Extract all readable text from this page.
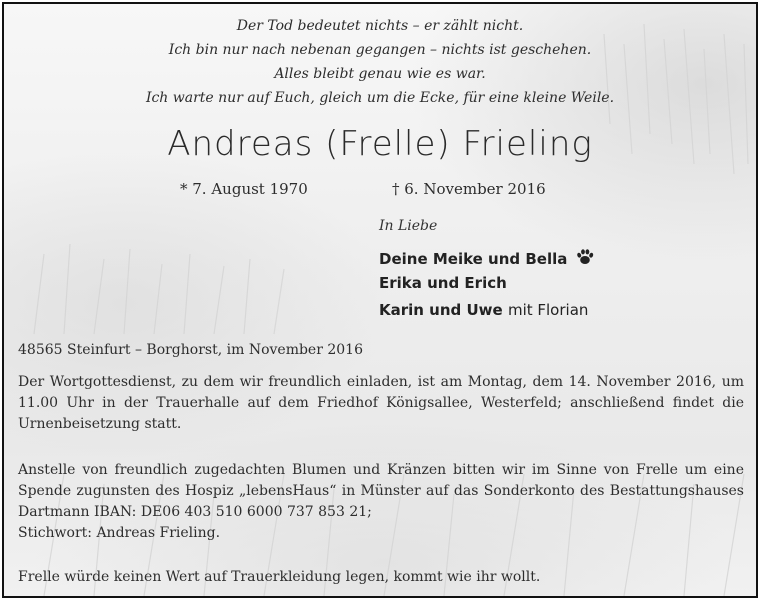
Der Tod bedeutet nichts – er zählt nicht.
Ich bin nur nach nebenan gegangen – nichts ist geschehen.
Alles bleibt genau wie es war.
Ich warte nur auf Euch, gleich um die Ecke, für eine kleine Weile.
Andreas (Frelle) Frieling
* 7. August 1970	† 6. November 2016
In Liebe
Deine Meike und Bella
Erika und Erich
Karin und Uwe mit Florian
48565 Steinfurt – Borghorst, im November 2016
Der Wortgottesdienst, zu dem wir freundlich einladen, ist am Montag, dem 14. November 2016, um 11.00 Uhr in der Trauerhalle auf dem Friedhof Königsallee, Westerfeld; anschließend findet die Urnenbeisetzung statt.
Anstelle von freundlich zugedachten Blumen und Kränzen bitten wir im Sinne von Frelle um eine Spende zugunsten des Hospiz „lebensHaus“ in Münster auf das Sonderkonto des Bestattungshauses Dartmann IBAN: DE06 403 510 6000 737 853 21;
Stichwort: Andreas Frieling.
Frelle würde keinen Wert auf Trauerkleidung legen, kommt wie ihr wollt.
